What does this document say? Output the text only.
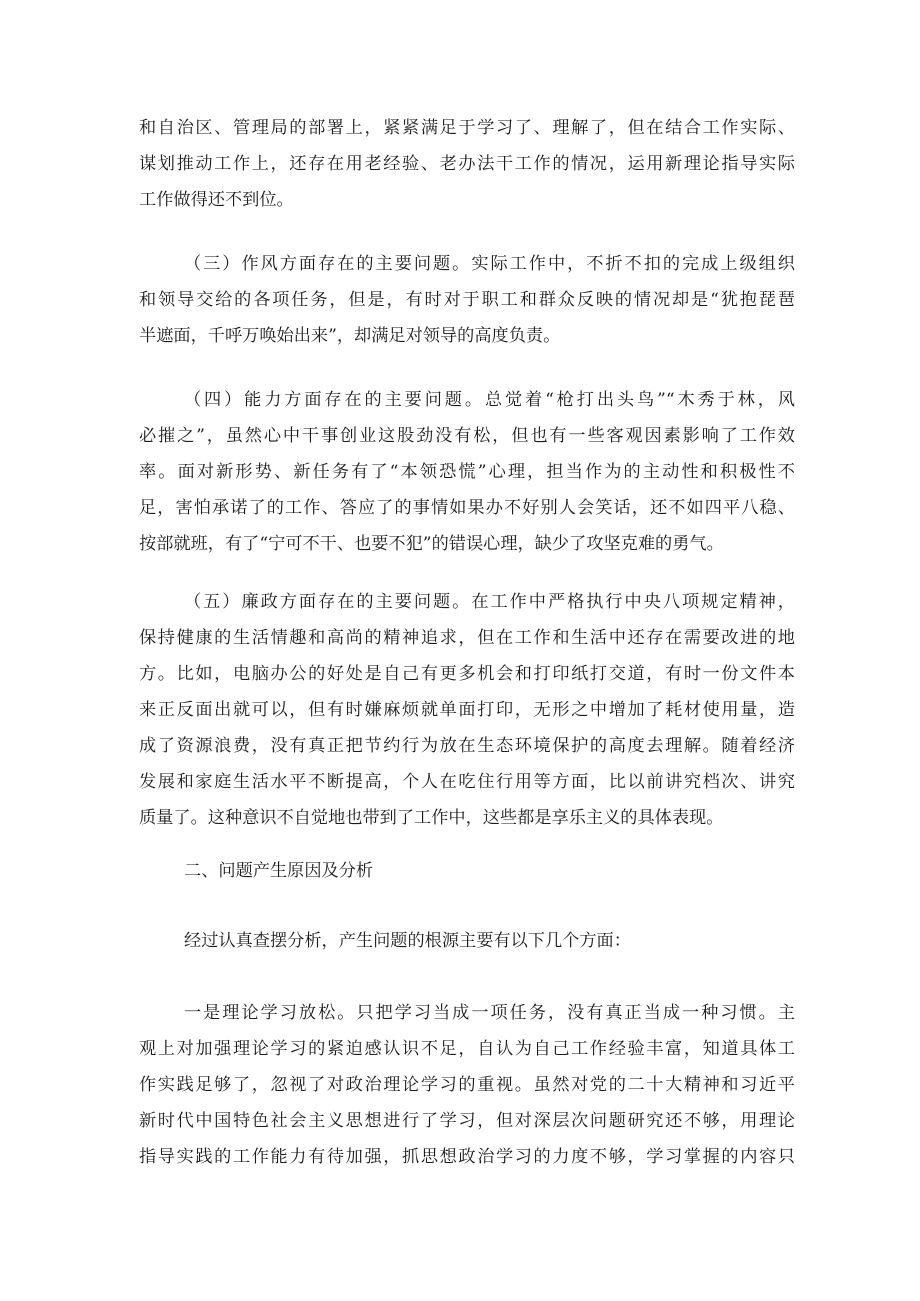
和自治区、管理局的部署上，紧紧满足于学习了、理解了，但在结合工作实际、
谋划推动工作上，还存在用老经验、老办法干工作的情况，运用新理论指导实际
工作做得还不到位。
（三）作风方面存在的主要问题。实际工作中，不折不扣的完成上级组织
和领导交给的各项任务，但是，有时对于职工和群众反映的情况却是“犹抱琵琶
半遮面，千呼万唤始出来”，却满足对领导的高度负责。
（四）能力方面存在的主要问题。总觉着“枪打出头鸟”“木秀于林，风
必摧之”，虽然心中干事创业这股劲没有松，但也有一些客观因素影响了工作效
率。面对新形势、新任务有了“本领恐慌”心理，担当作为的主动性和积极性不
足，害怕承诺了的工作、答应了的事情如果办不好别人会笑话，还不如四平八稳、
按部就班，有了“宁可不干、也要不犯”的错误心理，缺少了攻坚克难的勇气。
（五）廉政方面存在的主要问题。在工作中严格执行中央八项规定精神，
保持健康的生活情趣和高尚的精神追求，但在工作和生活中还存在需要改进的地
方。比如，电脑办公的好处是自己有更多机会和打印纸打交道，有时一份文件本
来正反面出就可以，但有时嫌麻烦就单面打印，无形之中增加了耗材使用量，造
成了资源浪费，没有真正把节约行为放在生态环境保护的高度去理解。随着经济
发展和家庭生活水平不断提高，个人在吃住行用等方面，比以前讲究档次、讲究
质量了。这种意识不自觉地也带到了工作中，这些都是享乐主义的具体表现。
二、问题产生原因及分析
经过认真查摆分析，产生问题的根源主要有以下几个方面：
一是理论学习放松。只把学习当成一项任务，没有真正当成一种习惯。主
观上对加强理论学习的紧迫感认识不足，自认为自己工作经验丰富，知道具体工
作实践足够了，忽视了对政治理论学习的重视。虽然对党的二十大精神和习近平
新时代中国特色社会主义思想进行了学习，但对深层次问题研究还不够，用理论
指导实践的工作能力有待加强，抓思想政治学习的力度不够，学习掌握的内容只
